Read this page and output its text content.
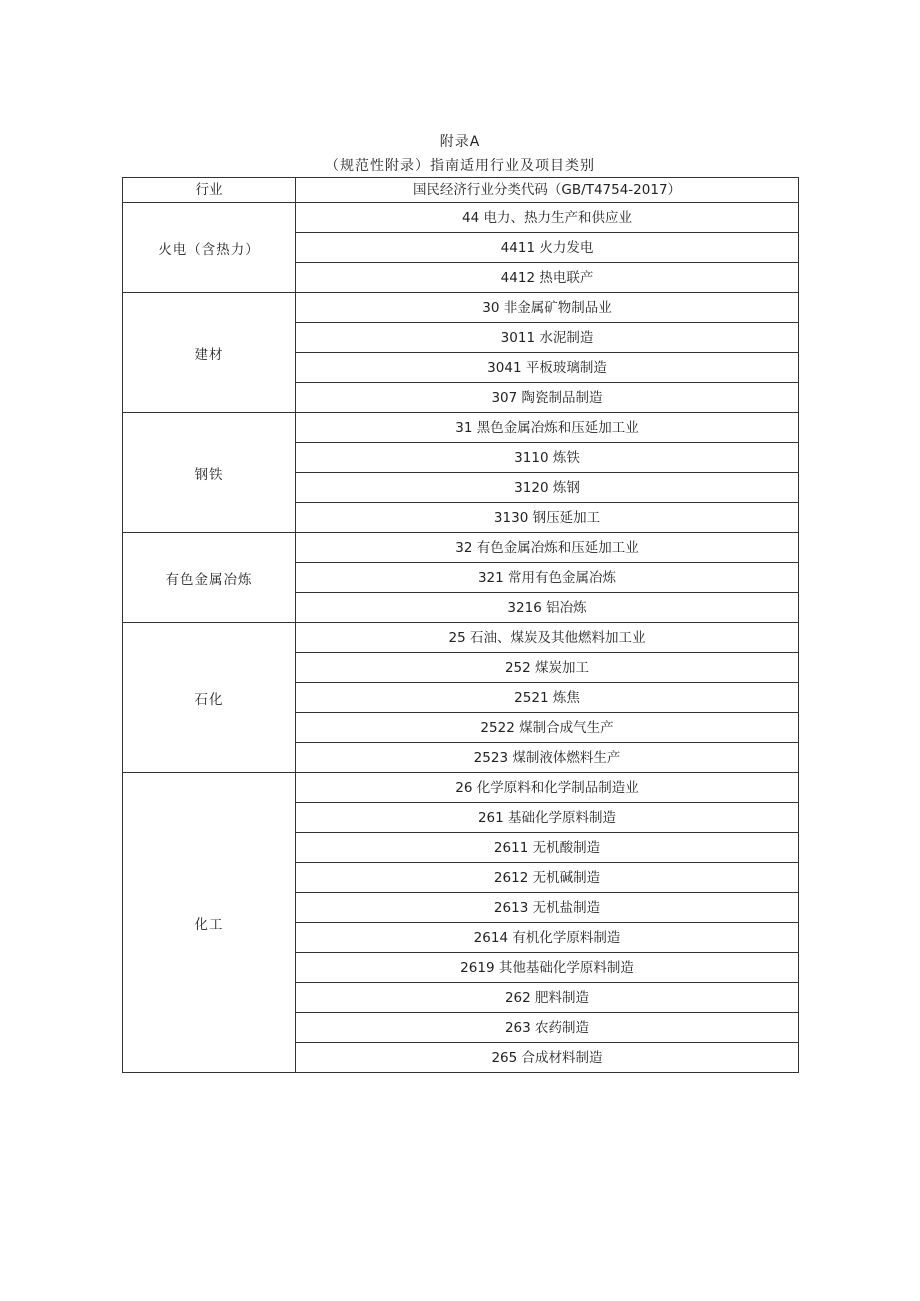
附录A
（规范性附录）指南适用行业及项目类别
行业	国民经济行业分类代码（GB/T4754-2017）
火电（含热力）	44 电力、热力生产和供应业
	4411 火力发电
	4412 热电联产
建材	30 非金属矿物制品业
	3011 水泥制造
	3041 平板玻璃制造
	307 陶瓷制品制造
钢铁	31 黑色金属冶炼和压延加工业
	3110 炼铁
	3120 炼钢
	3130 钢压延加工
有色金属冶炼	32 有色金属冶炼和压延加工业
	321 常用有色金属冶炼
	3216 铝冶炼
石化	25 石油、煤炭及其他燃料加工业
	252 煤炭加工
	2521 炼焦
	2522 煤制合成气生产
	2523 煤制液体燃料生产
化工	26 化学原料和化学制品制造业
	261 基础化学原料制造
	2611 无机酸制造
	2612 无机碱制造
	2613 无机盐制造
	2614 有机化学原料制造
	2619 其他基础化学原料制造
	262 肥料制造
	263 农药制造
	265 合成材料制造
